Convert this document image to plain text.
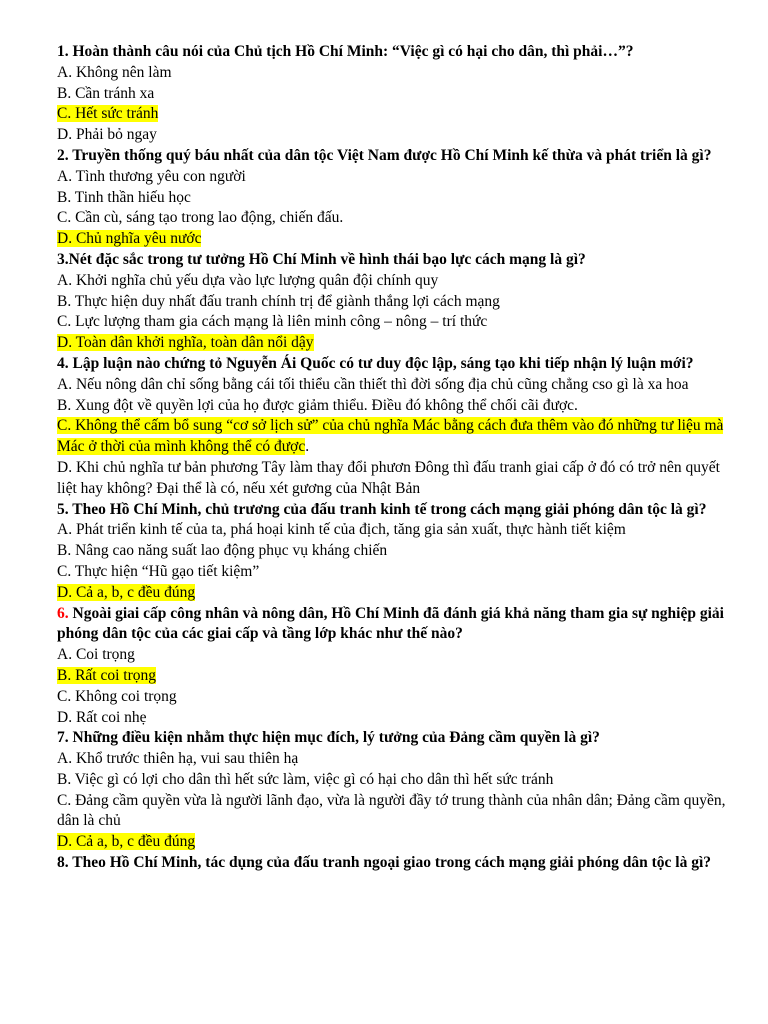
1. Hoàn thành câu nói của Chủ tịch Hồ Chí Minh: “Việc gì có hại cho dân, thì phải…”?

A. Không nên làm

B. Cần tránh xa

C. Hết sức tránh

D. Phải bỏ ngay

2. Truyền thống quý báu nhất của dân tộc Việt Nam được Hồ Chí Minh kế thừa và phát triển là gì?

A. Tình thương yêu con người

B. Tinh thần hiếu học

C. Cần cù, sáng tạo trong lao động, chiến đấu.

D. Chủ nghĩa yêu nước

3.Nét đặc sắc trong tư tưởng Hồ Chí Minh về hình thái bạo lực cách mạng là gì?

A. Khởi nghĩa chủ yếu dựa vào lực lượng quân đội chính quy

B. Thực hiện duy nhất đấu tranh chính trị để giành thắng lợi cách mạng

C. Lực lượng tham gia cách mạng là liên minh công – nông – trí thức

D. Toàn dân khởi nghĩa, toàn dân nổi dậy

4. Lập luận nào chứng tỏ Nguyễn Ái Quốc có tư duy độc lập, sáng tạo khi tiếp nhận lý luận mới?

A. Nếu nông dân chỉ sống bằng cái tối thiểu cần thiết thì đời sống địa chủ cũng chẳng cso gì là xa hoa

B. Xung đột về quyền lợi của họ được giảm thiểu. Điều đó không thể chối cãi được.

C. Không thể cấm bổ sung “cơ sở lịch sử” của chủ nghĩa Mác bằng cách đưa thêm vào đó những tư liệu mà Mác ở thời của mình không thể có được.

D. Khi chủ nghĩa tư bản phương Tây làm thay đổi phươn Đông thì đấu tranh giai cấp ở đó có trở nên quyết liệt hay không? Đại thể là có, nếu xét gương của Nhật Bản

5. Theo Hồ Chí Minh, chủ trương của đấu tranh kinh tế trong cách mạng giải phóng dân tộc là gì?

A. Phát triển kinh tế của ta, phá hoại kinh tế của địch, tăng gia sản xuất, thực hành tiết kiệm

B. Nâng cao năng suất lao động phục vụ kháng chiến

C. Thực hiện “Hũ gạo tiết kiệm”

D. Cả a, b, c đều đúng

6. Ngoài giai cấp công nhân và nông dân, Hồ Chí Minh đã đánh giá khả năng tham gia sự nghiệp giải phóng dân tộc của các giai cấp và tầng lớp khác như thế nào?

A. Coi trọng

B. Rất coi trọng

C. Không coi trọng

D. Rất coi nhẹ

7. Những điều kiện nhằm thực hiện mục đích, lý tưởng của Đảng cầm quyền là gì?

A. Khổ trước thiên hạ, vui sau thiên hạ

B. Việc gì có lợi cho dân thì hết sức làm, việc gì có hại cho dân thì hết sức tránh

C. Đảng cầm quyền vừa là người lãnh đạo, vừa là người đầy tớ trung thành của nhân dân; Đảng cầm quyền, dân là chủ

D. Cả a, b, c đều đúng

8. Theo Hồ Chí Minh, tác dụng của đấu tranh ngoại giao trong cách mạng giải phóng dân tộc là gì?
